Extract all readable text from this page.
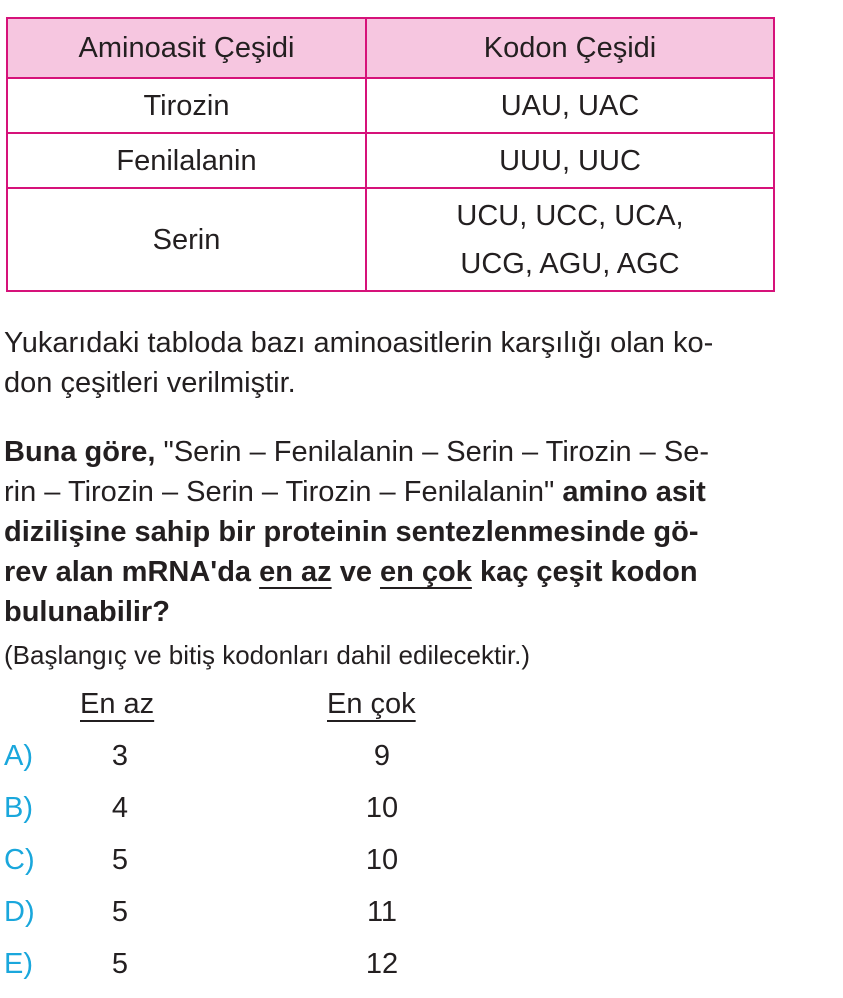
Aminoasit Çeşidi	Kodon Çeşidi
Tirozin	UAU, UAC
Fenilalanin	UUU, UUC
Serin	UCU, UCC, UCA,
UCG, AGU, AGC

Yukarıdaki tabloda bazı aminoasitlerin karşılığı olan ko-
don çeşitleri verilmiştir.

Buna göre, "Serin – Fenilalanin – Serin – Tirozin – Se-
rin – Tirozin – Serin – Tirozin – Fenilalanin" amino asit
dizilişine sahip bir proteinin sentezlenmesinde gö-
rev alan mRNA'da en az ve en çok kaç çeşit kodon
bulunabilir?

(Başlangıç ve bitiş kodonları dahil edilecektir.)

En az	En çok
A)	3	9
B)	4	10
C)	5	10
D)	5	11
E)	5	12
